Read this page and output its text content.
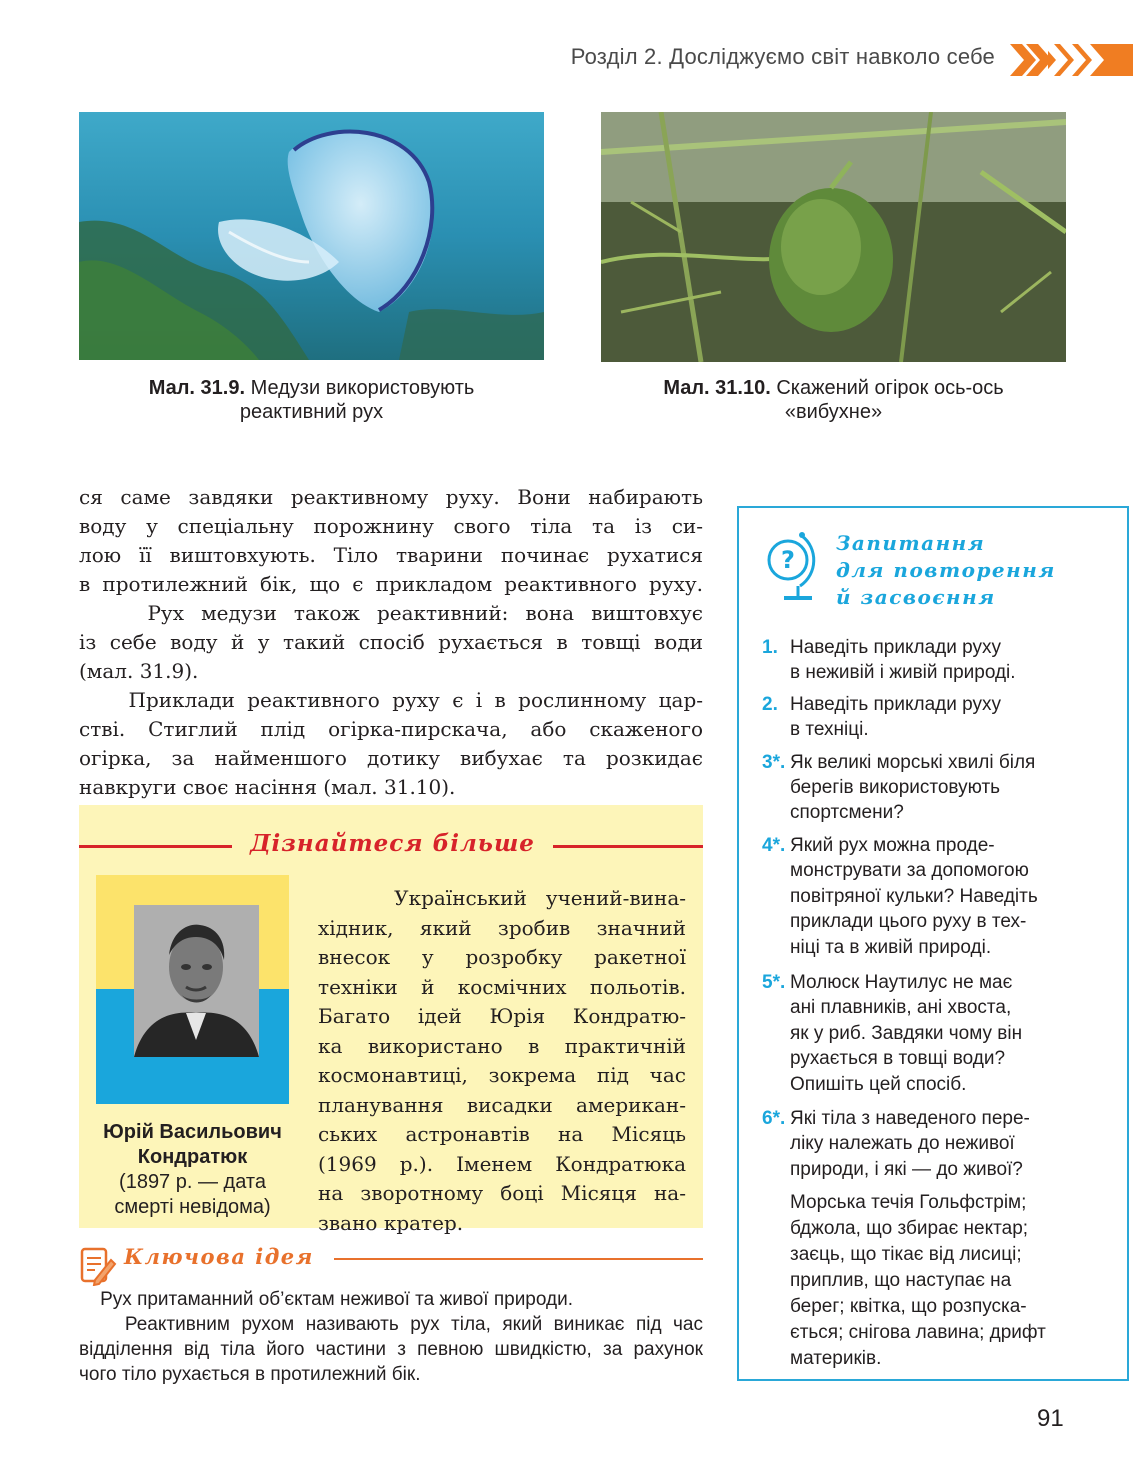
Розділ 2. Досліджуємо світ навколо себе
Мал. 31.9. Медузи використовують
реактивний рух
Мал. 31.10. Скажений огірок ось-ось
«вибухне»
ся саме завдяки реактивному руху. Вони набирають
воду у спеціальну порожнину свого тіла та із си-
лою її виштовхують. Тіло тварини починає рухатися
в протилежний бік, що є прикладом реактивного руху.
Рух медузи також реактивний: вона виштовхує
із себе воду й у такий спосіб рухається в товщі води
(мал. 31.9).
Приклади реактивного руху є і в рослинному цар-
стві. Стиглий плід огірка-пирскача, або скаженого
огірка, за найменшого дотику вибухає та розкидає
навкруги своє насіння (мал. 31.10).
Дізнайтеся більше
Юрій Васильович
Кондратюк
(1897 р. — дата
смерті невідома)
Український учений-вина-
хідник, який зробив значний
внесок у розробку ракетної
техніки й космічних польотів.
Багато ідей Юрія Кондратю-
ка використано в практичній
космонавтиці, зокрема під час
планування висадки америкaн-
ських астронавтів на Місяць
(1969 р.). Іменем Кондратюка
на зворотному боці Місяця на-
звано кратер.
Ключова ідея
Рух притаманний об’єктам неживої та живої природи.
Реактивним рухом називають рух тіла, який виникає під час
відділення від тіла його частини з певною швидкістю, за рахунок
чого тіло рухається в протилежний бік.
?
Запитання
для повторення
й засвоєння
1. Наведіть приклади руху
в неживій і живій природі.
2. Наведіть приклади руху
в техніці.
3*. Як великі морські хвилі біля
берегів використовують
спортсмени?
4*. Який рух можна проде-
монструвати за допомогою
повітряної кульки? Наведіть
приклади цього руху в тех-
ніці та в живій природі.
5*. Молюск Наутилус не має
ані плавників, ані хвоста,
як у риб. Завдяки чому він
рухається в товщі води?
Опишіть цей спосіб.
6*. Які тіла з наведеного пере-
ліку належать до неживої
природи, і які — до живої?
Морська течія Гольфстрім;
бджола, що збирає нектар;
заєць, що тікає від лисиці;
приплив, що наступає на
берег; квітка, що розпуска-
ється; снігова лавина; дрифт
материків.
91
